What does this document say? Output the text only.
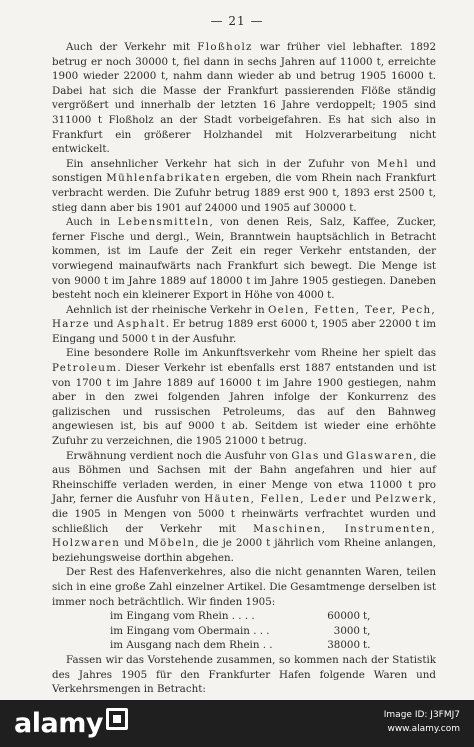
— 21 —

Auch der Verkehr mit Floßholz war früher viel lebhafter. 1892 betrug er noch 30000 t, fiel dann in sechs Jahren auf 11000 t, erreichte 1900 wieder 22000 t, nahm dann wieder ab und betrug 1905 16000 t. Dabei hat sich die Masse der Frankfurt passierenden Flöße ständig vergrößert und innerhalb der letzten 16 Jahre verdoppelt; 1905 sind 311000 t Floßholz an der Stadt vorbeigefahren. Es hat sich also in Frankfurt ein größerer Holzhandel mit Holzverarbeitung nicht entwickelt.

Ein ansehnlicher Verkehr hat sich in der Zufuhr von Mehl und sonstigen Mühlenfabrikaten ergeben, die vom Rhein nach Frankfurt verbracht werden. Die Zufuhr betrug 1889 erst 900 t, 1893 erst 2500 t, stieg dann aber bis 1901 auf 24000 und 1905 auf 30000 t.

Auch in Lebensmitteln, von denen Reis, Salz, Kaffee, Zucker, ferner Fische und dergl., Wein, Branntwein hauptsächlich in Betracht kommen, ist im Laufe der Zeit ein reger Verkehr entstanden, der vorwiegend mainaufwärts nach Frankfurt sich bewegt. Die Menge ist von 9000 t im Jahre 1889 auf 18000 t im Jahre 1905 gestiegen. Daneben besteht noch ein kleinerer Export in Höhe von 4000 t.

Aehnlich ist der rheinische Verkehr in Oelen, Fetten, Teer, Pech, Harze und Asphalt. Er betrug 1889 erst 6000 t, 1905 aber 22000 t im Eingang und 5000 t in der Ausfuhr.

Eine besondere Rolle im Ankunftsverkehr vom Rheine her spielt das Petroleum. Dieser Verkehr ist ebenfalls erst 1887 entstanden und ist von 1700 t im Jahre 1889 auf 16000 t im Jahre 1900 gestiegen, nahm aber in den zwei folgenden Jahren infolge der Konkurrenz des galizischen und russischen Petroleums, das auf den Bahnweg angewiesen ist, bis auf 9000 t ab. Seitdem ist wieder eine erhöhte Zufuhr zu verzeichnen, die 1905 21000 t betrug.

Erwähnung verdient noch die Ausfuhr von Glas und Glaswaren, die aus Böhmen und Sachsen mit der Bahn angefahren und hier auf Rheinschiffe verladen werden, in einer Menge von etwa 11000 t pro Jahr, ferner die Ausfuhr von Häuten, Fellen, Leder und Pelzwerk, die 1905 in Mengen von 5000 t rheinwärts verfrachtet wurden und schließlich der Verkehr mit Maschinen, Instrumenten, Holzwaren und Möbeln, die je 2000 t jährlich vom Rheine anlangen, beziehungsweise dorthin abgehen.

Der Rest des Hafenverkehres, also die nicht genannten Waren, teilen sich in eine große Zahl einzelner Artikel. Die Gesamtmenge derselben ist immer noch beträchtlich. Wir finden 1905:

im Eingang vom Rhein . . . .	60000 t,
im Eingang vom Obermain . . .	3000 t,
im Ausgang nach dem Rhein . .	38000 t.

Fassen wir das Vorstehende zusammen, so kommen nach der Statistik des Jahres 1905 für den Frankfurter Hafen folgende Waren und Verkehrsmengen in Betracht:

alamy	Image ID: J3FMJ7
www.alamy.com
